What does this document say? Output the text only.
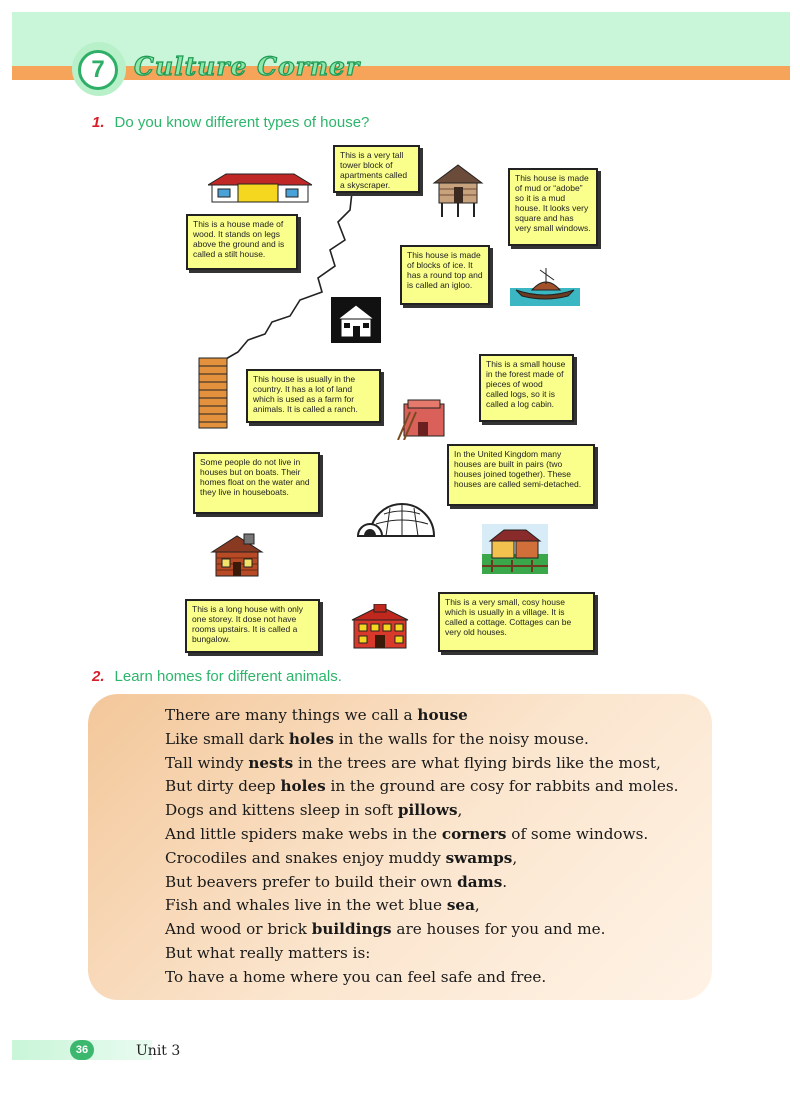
7	Culture Corner
1. Do you know different types of house?
This is a very tall tower block of apartments called a skyscraper.
This is a house made of wood. It stands on legs above the ground and is called a stilt house.
This house is made of mud or “adobe” so it is a mud house. It looks very square and has very small windows.
This house is made of blocks of ice. It has a round top and is called an igloo.
This is a small house in the forest made of pieces of wood called logs, so it is called a log cabin.
This house is usually in the country. It has a lot of land which is used as a farm for animals. It is called a ranch.
Some people do not live in houses but on boats. Their homes float on the water and they live in houseboats.
In the United Kingdom many houses are built in pairs (two houses joined together). These houses are called semi-detached.
This is a long house with only one storey. It dose not have rooms upstairs. It is called a bungalow.
This is a very small, cosy house which is usually in a village. It is called a cottage. Cottages can be very old houses.
2. Learn homes for different animals.
There are many things we call a house
Like small dark holes in the walls for the noisy mouse.
Tall windy nests in the trees are what flying birds like the most,
But dirty deep holes in the ground are cosy for rabbits and moles.
Dogs and kittens sleep in soft pillows,
And little spiders make webs in the corners of some windows.
Crocodiles and snakes enjoy muddy swamps,
But beavers prefer to build their own dams.
Fish and whales live in the wet blue sea,
And wood or brick buildings are houses for you and me.
But what really matters is:
To have a home where you can feel safe and free.
36	Unit 3
